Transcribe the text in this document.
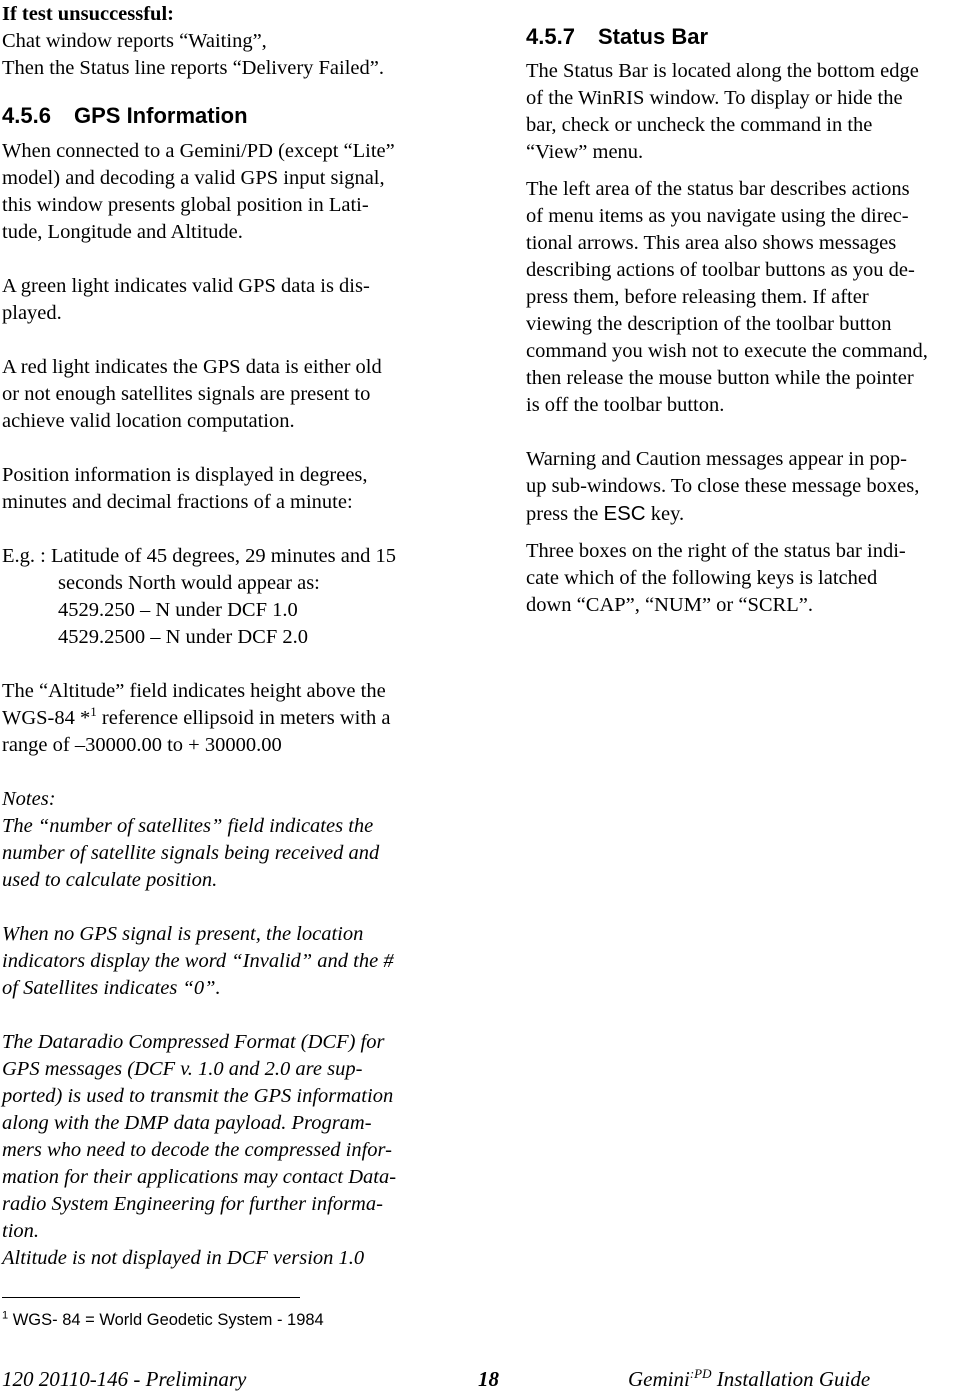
If test unsuccessful:

Chat window reports “Waiting”,

Then the Status line reports “Delivery Failed”.

4.5.6 GPS Information

When connected to a Gemini/PD (except “Lite”

model) and decoding a valid GPS input signal,

this window presents global position in Lati-

tude, Longitude and Altitude.

A green light indicates valid GPS data is dis-

played.

A red light indicates the GPS data is either old

or not enough satellites signals are present to

achieve valid location computation.

Position information is displayed in degrees,

minutes and decimal fractions of a minute:

E.g. : Latitude of 45 degrees, 29 minutes and 15

seconds North would appear as:

4529.250 – N under DCF 1.0

4529.2500 – N under DCF 2.0

The “Altitude” field indicates height above the

WGS-84 *$^1$ reference ellipsoid in meters with a

range of –30000.00 to + 30000.00

Notes:

The “number of satellites” field indicates the

number of satellite signals being received and

used to calculate position.

When no GPS signal is present, the location

indicators display the word “Invalid” and the #

of Satellites indicates “0”.

The Dataradio Compressed Format (DCF) for

GPS messages (DCF v. 1.0 and 2.0 are sup-

ported) is used to transmit the GPS information

along with the DMP data payload. Program-

mers who need to decode the compressed infor-

mation for their applications may contact Data-

radio System Engineering for further informa-

tion.

Altitude is not displayed in DCF version 1.0

4.5.7 Status Bar

The Status Bar is located along the bottom edge

of the WinRIS window. To display or hide the

bar, check or uncheck the command in the

“View” menu.

The left area of the status bar describes actions

of menu items as you navigate using the direc-

tional arrows. This area also shows messages

describing actions of toolbar buttons as you de-

press them, before releasing them. If after

viewing the description of the toolbar button

command you wish not to execute the command,

then release the mouse button while the pointer

is off the toolbar button.

Warning and Caution messages appear in pop-

up sub-windows. To close these message boxes,

press the ESC key.

Three boxes on the right of the status bar indi-

cate which of the following keys is latched

down “CAP”, “NUM” or “SCRL”.

$^1$ WGS- 84 = World Geodetic System - 1984
120 20110-146 - Preliminary	18	Gemini$^{:PD}$ Installation Guide
